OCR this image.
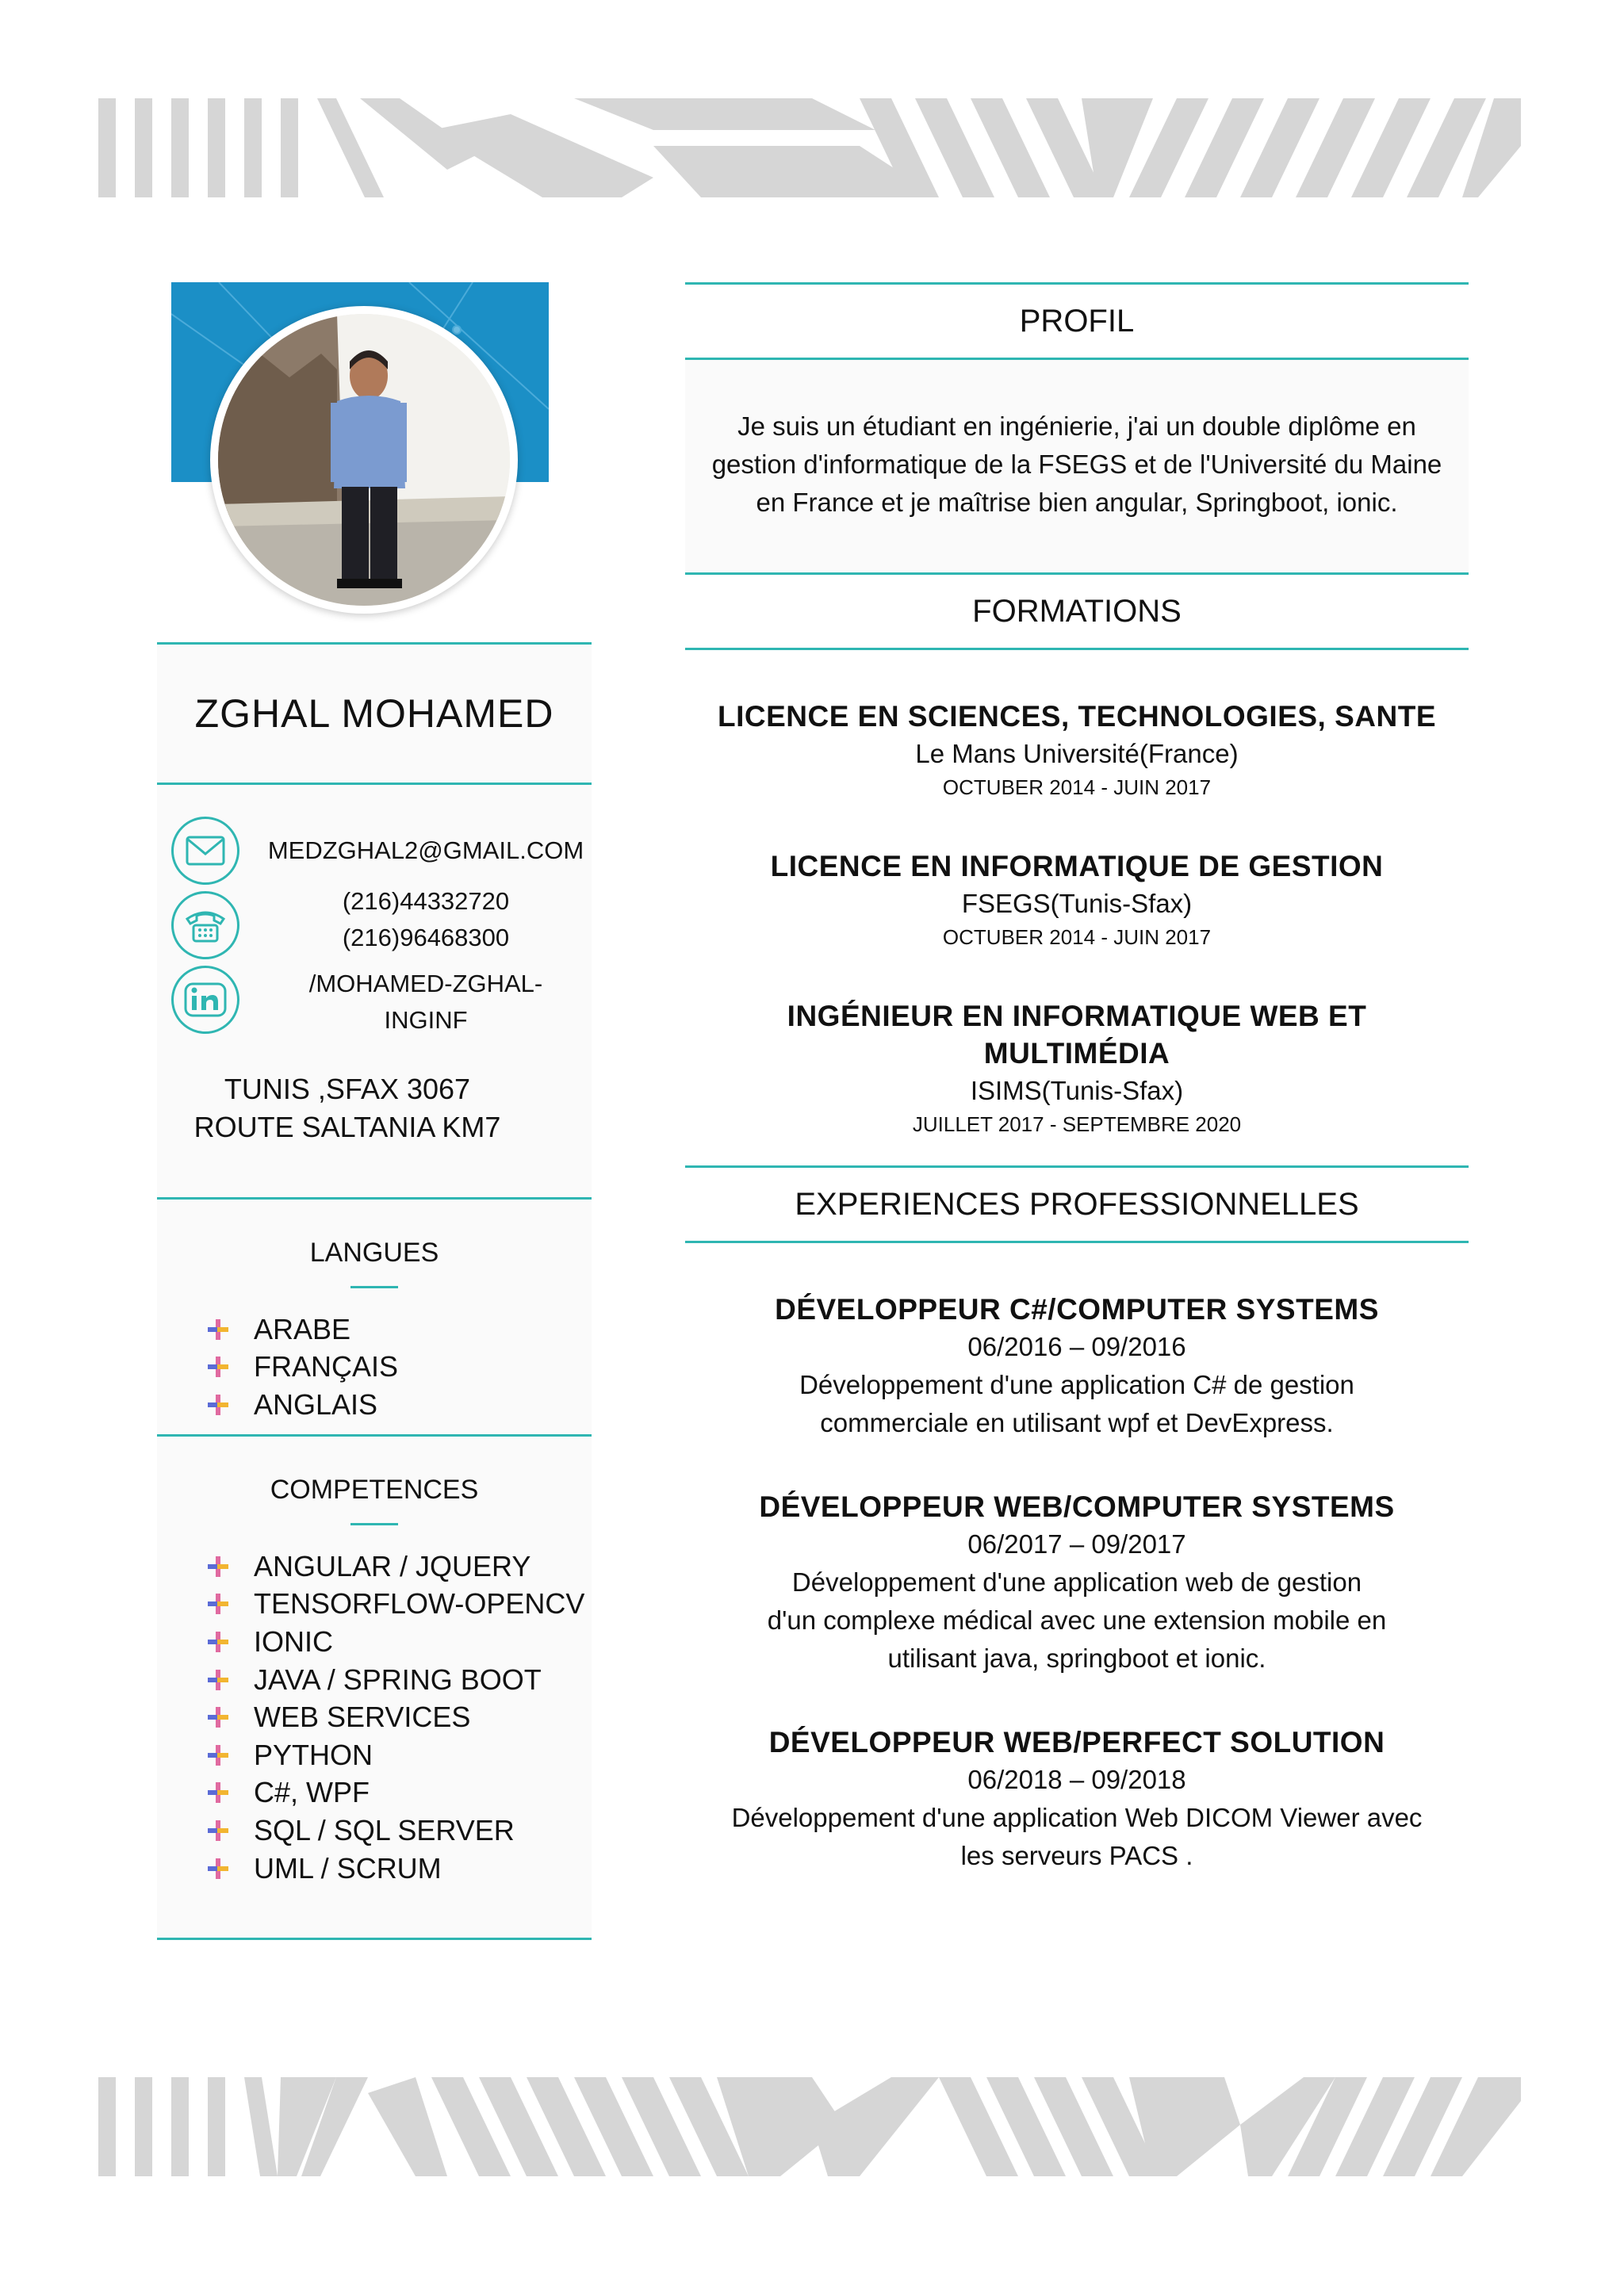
ZGHAL MOHAMED
MEDZGHAL2@GMAIL.COM
(216)44332720
(216)96468300
/MOHAMED-ZGHAL-
INGINF
TUNIS ,SFAX 3067
ROUTE SALTANIA KM7
LANGUES
ARABE
FRANÇAIS
ANGLAIS
COMPETENCES
ANGULAR / JQUERY
TENSORFLOW-OPENCV
IONIC
JAVA / SPRING BOOT
WEB SERVICES
PYTHON
C#, WPF
SQL / SQL SERVER
UML / SCRUM
PROFIL
Je suis un étudiant en ingénierie, j'ai un double diplôme en
gestion d'informatique de la FSEGS et de l'Université du Maine
en France et je maîtrise bien angular, Springboot, ionic.
FORMATIONS
LICENCE EN SCIENCES, TECHNOLOGIES, SANTE
Le Mans Université(France)
OCTUBER 2014 - JUIN 2017
LICENCE EN INFORMATIQUE DE GESTION
FSEGS(Tunis-Sfax)
OCTUBER 2014 - JUIN 2017
INGÉNIEUR EN INFORMATIQUE WEB ET
MULTIMÉDIA
ISIMS(Tunis-Sfax)
JUILLET 2017 - SEPTEMBRE 2020
EXPERIENCES PROFESSIONNELLES
DÉVELOPPEUR C#/COMPUTER SYSTEMS
06/2016 – 09/2016
Développement d'une application C# de gestion
commerciale en utilisant wpf et DevExpress.
DÉVELOPPEUR WEB/COMPUTER SYSTEMS
06/2017 – 09/2017
Développement d'une application web de gestion
d'un complexe médical avec une extension mobile en
utilisant java, springboot et ionic.
DÉVELOPPEUR WEB/PERFECT SOLUTION
06/2018 – 09/2018
Développement d'une application Web DICOM Viewer avec
les serveurs PACS .
